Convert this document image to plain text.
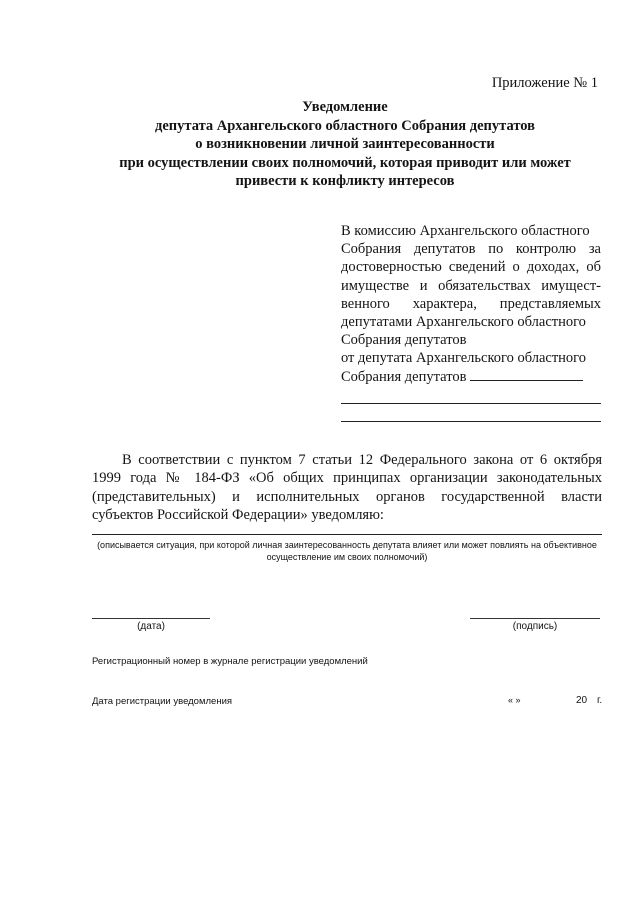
Приложение № 1
Уведомление
депутата Архангельского областного Собрания депутатов
о возникновении личной заинтересованности
при осуществлении своих полномочий, которая приводит или может
привести к конфликту интересов
В комиссию Архангельского областного
Собрания депутатов по контролю за
достоверностью сведений о доходах, об
имуществе и обязательствах имущест-
венного характера, представляемых
депутатами Архангельского областного
Собрания депутатов
от депутата Архангельского областного
Собрания депутатов
В соответствии с пунктом 7 статьи 12 Федерального закона от 6 октября
1999 года № 184-ФЗ «Об общих принципах организации законодательных
(представительных) и исполнительных органов государственной власти
субъектов Российской Федерации» уведомляю:
(описывается ситуация, при которой личная заинтересованность депутата влияет или может повлиять на объективное
осуществление им своих полномочий)
(дата)	(подпись)
Регистрационный номер в журнале регистрации уведомлений
Дата регистрации уведомления	« »	20 г.
